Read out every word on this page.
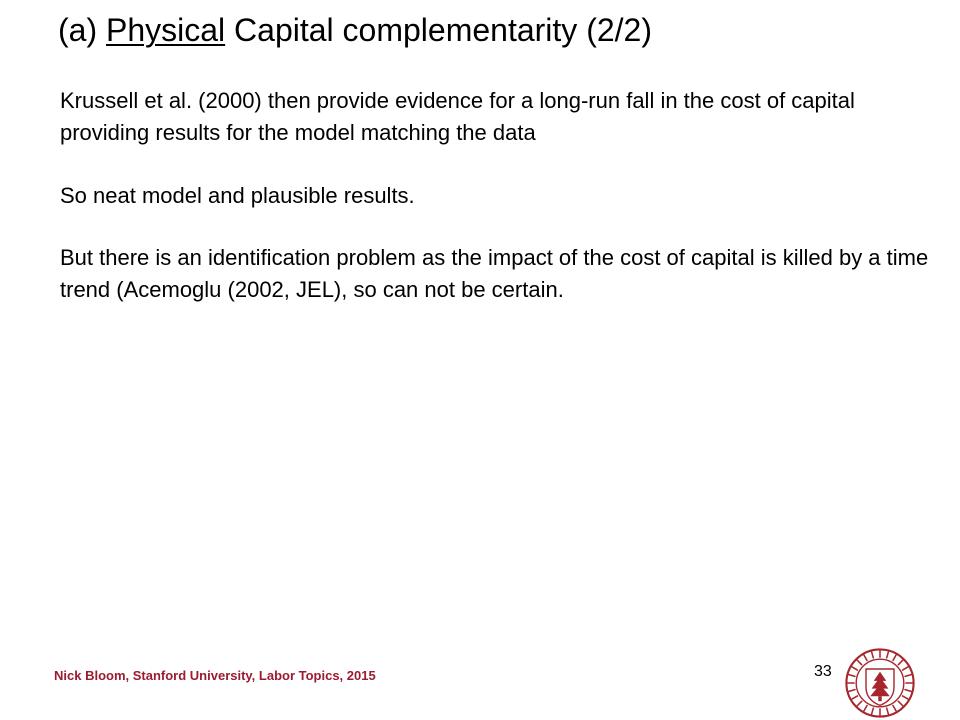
(a) Physical Capital complementarity (2/2)

Krussell et al. (2000) then provide evidence for a long-run fall in the cost of capital providing results for the model matching the data

So neat model and plausible results.

But there is an identification problem as the impact of the cost of capital is killed by a time trend (Acemoglu (2002, JEL), so can not be certain.

Nick Bloom, Stanford University, Labor Topics, 2015	33
